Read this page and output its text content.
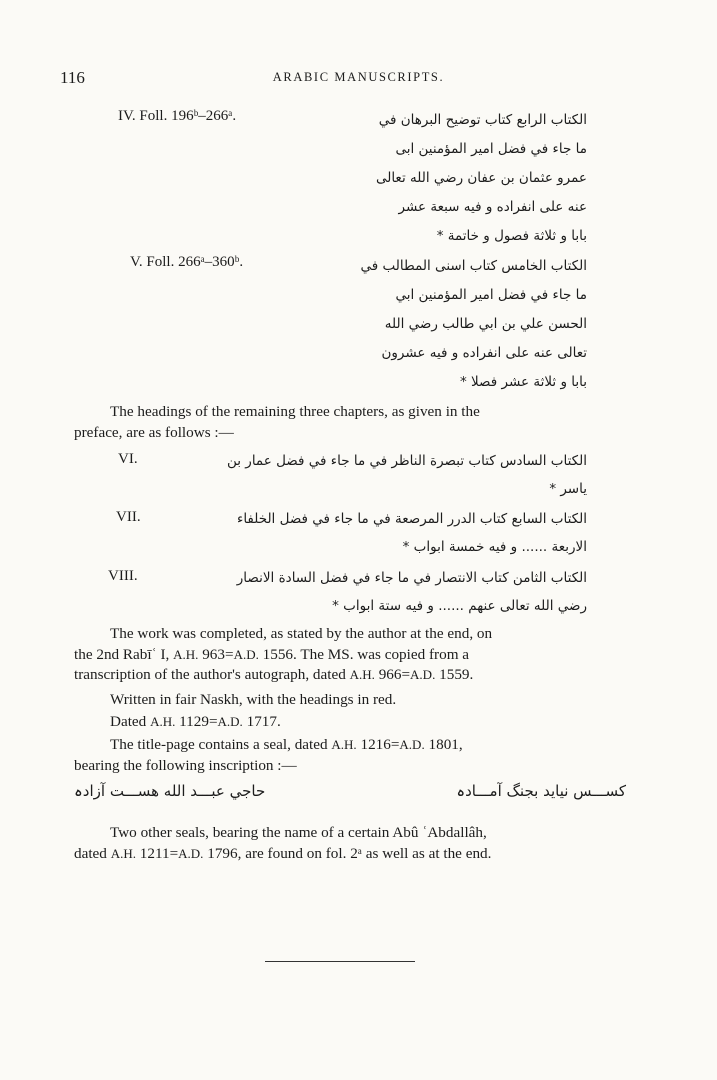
116	ARABIC MANUSCRIPTS.
IV. Foll. 196ᵇ–266ᵃ.	الكتاب الرابع كتاب توضيح البرهان في
ما جاء في فضل امير المؤمنين ابى
عمرو عثمان بن عفان رضي الله تعالى
عنه على انفراده و فيه سبعة عشر
بابا و ثلاثة فصول و خاتمة *
V. Foll. 266ᵃ–360ᵇ.	الكتاب الخامس كتاب اسنى المطالب في
ما جاء في فضل امير المؤمنين ابي
الحسن علي بن ابي طالب رضي الله
تعالى عنه على انفراده و فيه عشرون
بابا و ثلاثة عشر فصلا *
The headings of the remaining three chapters, as given in the
preface, are as follows :—
VI.	الكتاب السادس كتاب تبصرة الناظر في ما جاء في فضل عمار بن
ياسر *
VII.	الكتاب السابع كتاب الدرر المرصعة في ما جاء في فضل الخلفاء
الاربعة ...... و فيه خمسة ابواب *
VIII.	الكتاب الثامن كتاب الانتصار في ما جاء في فضل السادة الانصار
رضي الله تعالى عنهم ...... و فيه ستة ابواب *
The work was completed, as stated by the author at the end, on
the 2nd Rabīʿ I, A.H. 963=A.D. 1556. The MS. was copied from a
transcription of the author's autograph, dated A.H. 966=A.D. 1559.
Written in fair Naskh, with the headings in red.
Dated A.H. 1129=A.D. 1717.
The title-page contains a seal, dated A.H. 1216=A.D. 1801,
bearing the following inscription :—
کســـس نیاید بجنگ آمـــادہ
حاجي عبـــد الله هســـت آزادہ
Two other seals, bearing the name of a certain Abû ʿAbdallâh,
dated A.H. 1211=A.D. 1796, are found on fol. 2ᵃ as well as at the end.
